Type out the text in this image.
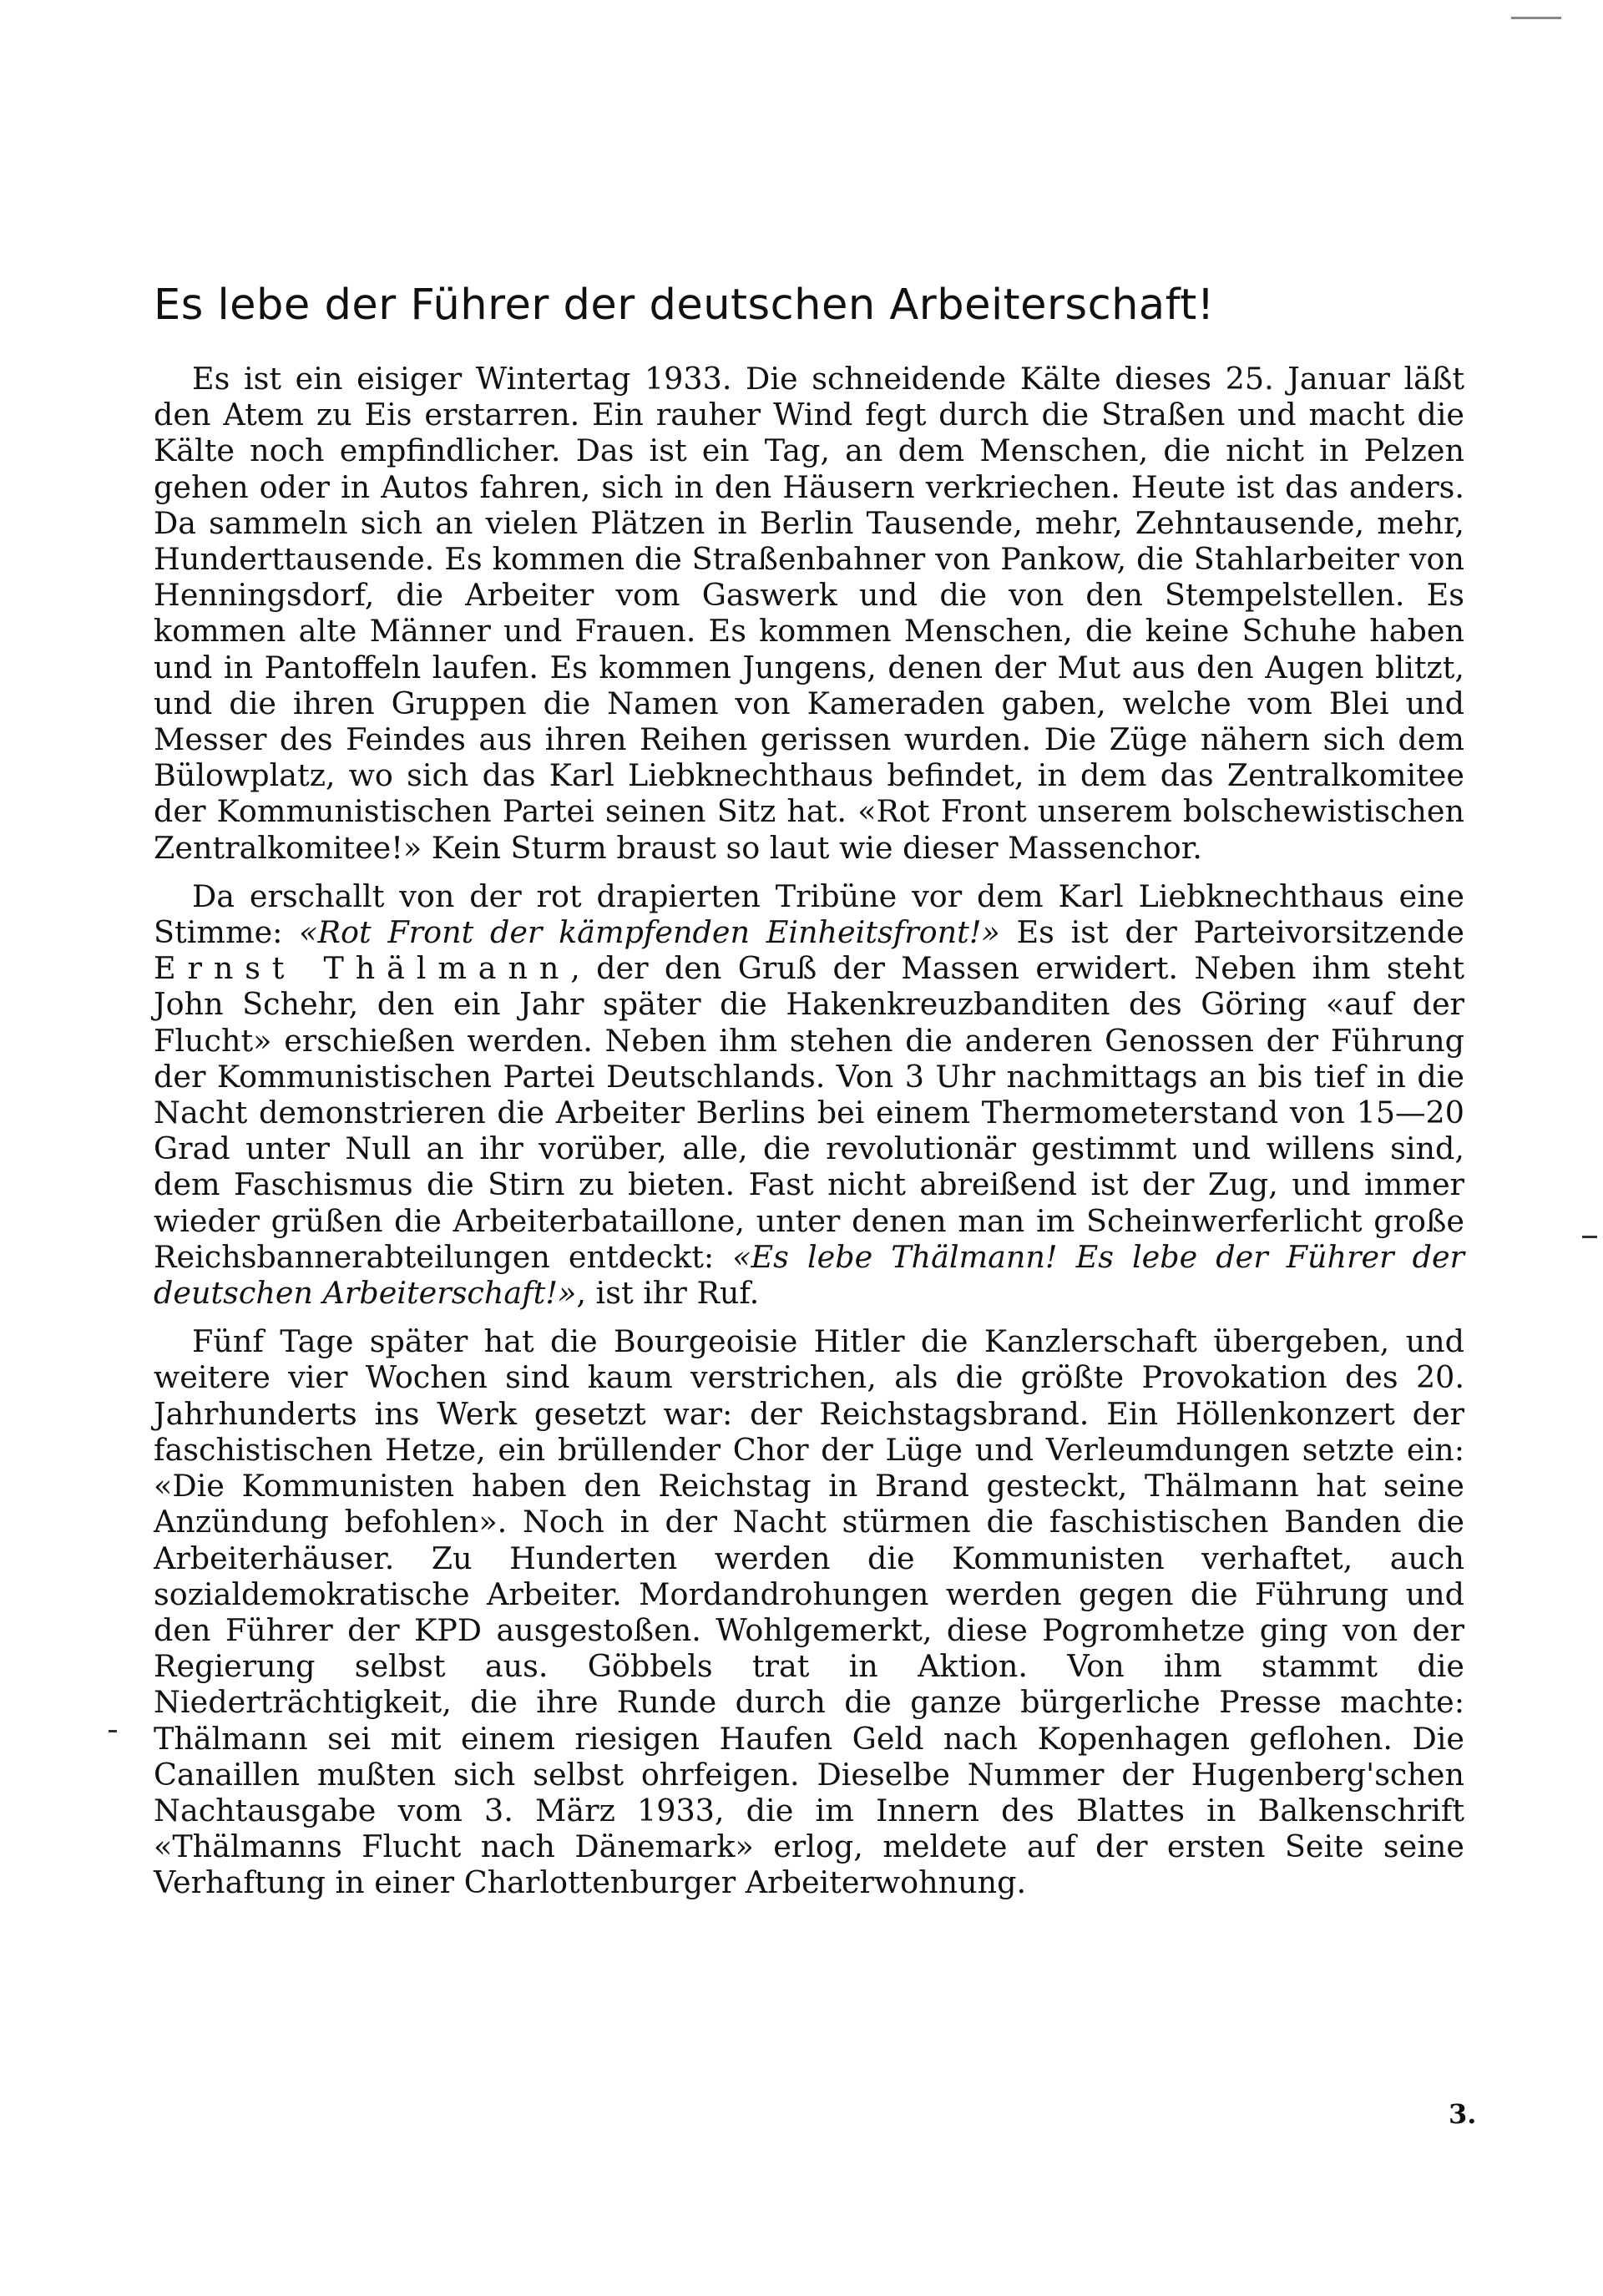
Es lebe der Führer der deutschen Arbeiterschaft!

Es ist ein eisiger Wintertag 1933. Die schneidende Kälte dieses 25. Januar läßt den Atem zu Eis erstarren. Ein rauher Wind fegt durch die Straßen und macht die Kälte noch empfindlicher. Das ist ein Tag, an dem Menschen, die nicht in Pelzen gehen oder in Autos fahren, sich in den Häusern verkriechen. Heute ist das anders. Da sammeln sich an vielen Plätzen in Berlin Tausende, mehr, Zehntausende, mehr, Hunderttausende. Es kommen die Straßenbahner von Pankow, die Stahlarbeiter von Henningsdorf, die Arbeiter vom Gaswerk und die von den Stempelstellen. Es kommen alte Männer und Frauen. Es kommen Menschen, die keine Schuhe haben und in Pantoffeln laufen. Es kommen Jungens, denen der Mut aus den Augen blitzt, und die ihren Gruppen die Namen von Kameraden gaben, welche vom Blei und Messer des Feindes aus ihren Reihen gerissen wurden. Die Züge nähern sich dem Bülowplatz, wo sich das Karl Liebknechthaus befindet, in dem das Zentralkomitee der Kommunistischen Partei seinen Sitz hat. «Rot Front unserem bolschewistischen Zentralkomitee!» Kein Sturm braust so laut wie dieser Massenchor.

Da erschallt von der rot drapierten Tribüne vor dem Karl Liebknechthaus eine Stimme: «Rot Front der kämpfenden Einheitsfront!» Es ist der Parteivorsitzende Ernst Thälmann, der den Gruß der Massen erwidert. Neben ihm steht John Schehr, den ein Jahr später die Hakenkreuzbanditen des Göring «auf der Flucht» erschießen werden. Neben ihm stehen die anderen Genossen der Führung der Kommunistischen Partei Deutschlands. Von 3 Uhr nachmittags an bis tief in die Nacht demonstrieren die Arbeiter Berlins bei einem Thermometerstand von 15—20 Grad unter Null an ihr vorüber, alle, die revolutionär gestimmt und willens sind, dem Faschismus die Stirn zu bieten. Fast nicht abreißend ist der Zug, und immer wieder grüßen die Arbeiterbataillone, unter denen man im Scheinwerferlicht große Reichsbannerabteilungen entdeckt: «Es lebe Thälmann! Es lebe der Führer der deutschen Arbeiterschaft!», ist ihr Ruf.

Fünf Tage später hat die Bourgeoisie Hitler die Kanzlerschaft übergeben, und weitere vier Wochen sind kaum verstrichen, als die größte Provokation des 20. Jahrhunderts ins Werk gesetzt war: der Reichstagsbrand. Ein Höllenkonzert der faschistischen Hetze, ein brüllender Chor der Lüge und Verleumdungen setzte ein: «Die Kommunisten haben den Reichstag in Brand gesteckt, Thälmann hat seine Anzündung befohlen». Noch in der Nacht stürmen die faschistischen Banden die Arbeiterhäuser. Zu Hunderten werden die Kommunisten verhaftet, auch sozialdemokratische Arbeiter. Mordandrohungen werden gegen die Führung und den Führer der KPD ausgestoßen. Wohlgemerkt, diese Pogromhetze ging von der Regierung selbst aus. Göbbels trat in Aktion. Von ihm stammt die Niederträchtigkeit, die ihre Runde durch die ganze bürgerliche Presse machte: Thälmann sei mit einem riesigen Haufen Geld nach Kopenhagen geflohen. Die Canaillen mußten sich selbst ohrfeigen. Dieselbe Nummer der Hugenberg'schen Nachtausgabe vom 3. März 1933, die im Innern des Blattes in Balkenschrift «Thälmanns Flucht nach Dänemark» erlog, meldete auf der ersten Seite seine Verhaftung in einer Charlottenburger Arbeiterwohnung.

3.
